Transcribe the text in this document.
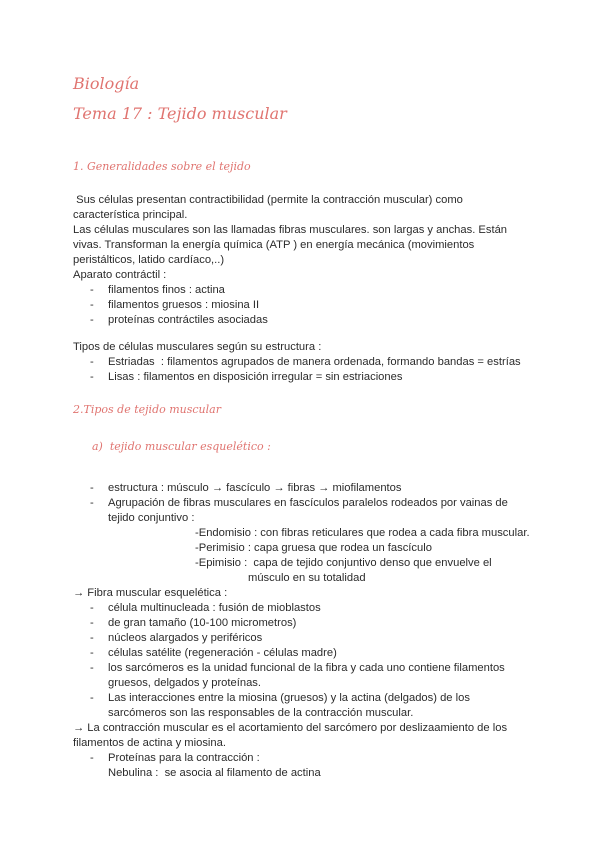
Biología
Tema 17 : Tejido muscular
1. Generalidades sobre el tejido
Sus células presentan contractibilidad (permite la contracción muscular) como
característica principal.
Las células musculares son las llamadas fibras musculares. son largas y anchas. Están
vivas. Transforman la energía química (ATP ) en energía mecánica (movimientos
peristálticos, latido cardíaco,..)
Aparato contráctil :
- filamentos finos : actina
- filamentos gruesos : miosina II
- proteínas contráctiles asociadas
Tipos de células musculares según su estructura :
- Estriadas  : filamentos agrupados de manera ordenada, formando bandas = estrías
- Lisas : filamentos en disposición irregular = sin estriaciones
2.Tipos de tejido muscular
a)  tejido muscular esquelético :
- estructura : músculo → fascículo → fibras → miofilamentos
- Agrupación de fibras musculares en fascículos paralelos rodeados por vainas de
tejido conjuntivo :
-Endomisio : con fibras reticulares que rodea a cada fibra muscular.
-Perimisio : capa gruesa que rodea un fascículo
-Epimisio :  capa de tejido conjuntivo denso que envuelve el
músculo en su totalidad
→ Fibra muscular esquelética :
- célula multinucleada : fusión de mioblastos
- de gran tamaño (10-100 micrometros)
- núcleos alargados y periféricos
- células satélite (regeneración - células madre)
- los sarcómeros es la unidad funcional de la fibra y cada uno contiene filamentos
gruesos, delgados y proteínas.
- Las interacciones entre la miosina (gruesos) y la actina (delgados) de los
sarcómeros son las responsables de la contracción muscular.
→ La contracción muscular es el acortamiento del sarcómero por deslizaamiento de los
filamentos de actina y miosina.
- Proteínas para la contracción :
Nebulina :  se asocia al filamento de actina
